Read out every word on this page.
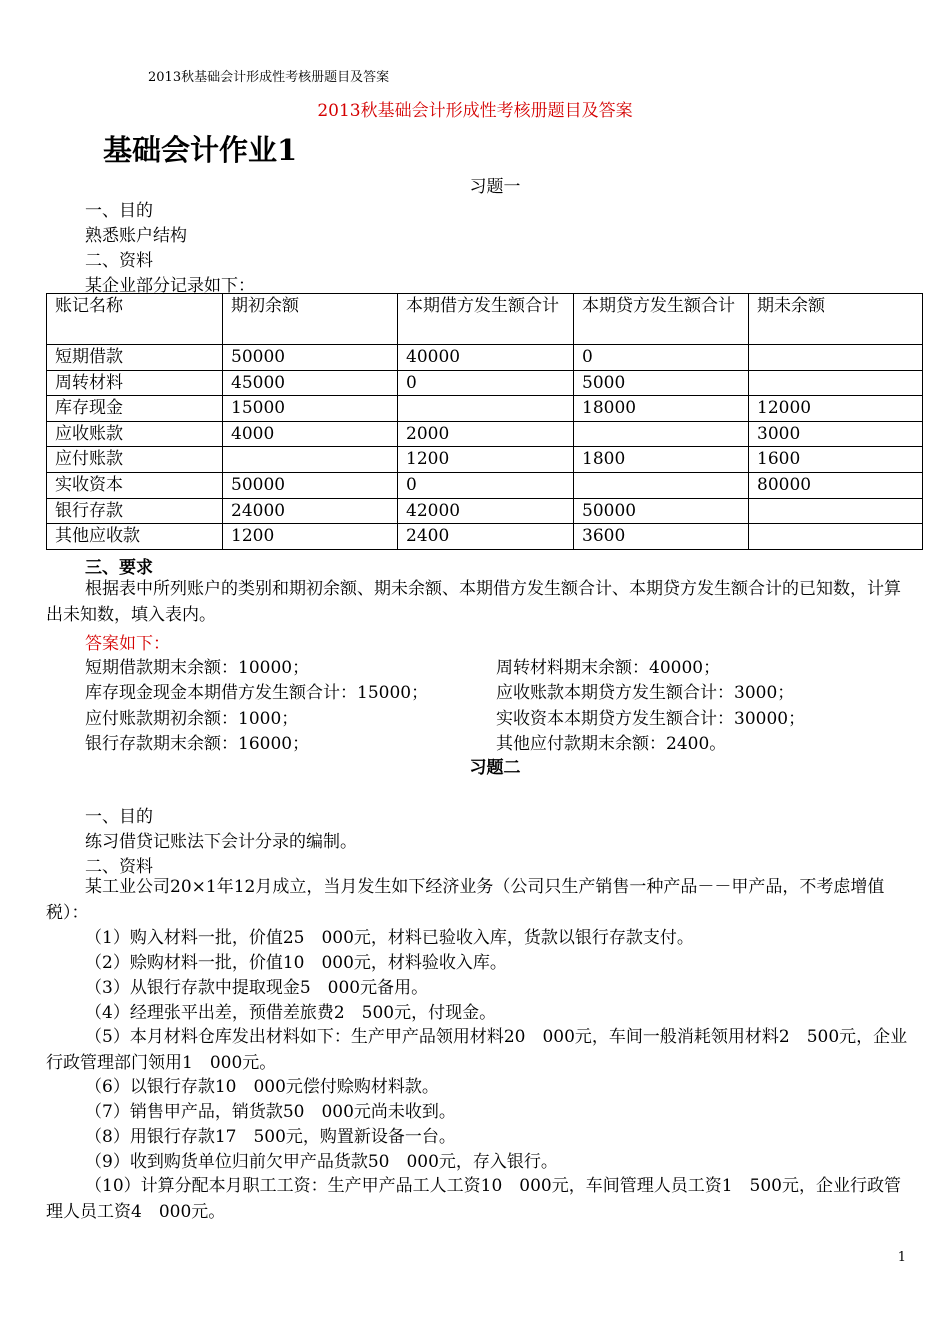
2013秋基础会计形成性考核册题目及答案
2013秋基础会计形成性考核册题目及答案
基础会计作业1
习题一
一、目的
熟悉账户结构
二、资料
某企业部分记录如下：
账记名称	期初余额	本期借方发生额合计	本期贷方发生额合计	期未余额
短期借款	50000	40000	0	
周转材料	45000	0	5000	
库存现金	15000		18000	12000
应收账款	4000	2000		3000
应付账款		1200	1800	1600
实收资本	50000	0		80000
银行存款	24000	42000	50000	
其他应收款	1200	2400	3600	
三、要求
根据表中所列账户的类别和期初余额、期未余额、本期借方发生额合计、本期贷方发生额合计的已知数，计算出未知数，填入表内。
答案如下：
短期借款期末余额：10000；	周转材料期末余额：40000；
库存现金现金本期借方发生额合计：15000；	应收账款本期贷方发生额合计：3000；
应付账款期初余额：1000；	实收资本本期贷方发生额合计：30000；
银行存款期末余额：16000；	其他应付款期末余额：2400。
习题二
一、目的
练习借贷记账法下会计分录的编制。
二、资料
某工业公司20×1年12月成立，当月发生如下经济业务（公司只生产销售一种产品－－甲产品，不考虑增值税）：
（1）购入材料一批，价值25　000元，材料已验收入库，货款以银行存款支付。
（2）赊购材料一批，价值10　000元，材料验收入库。
（3）从银行存款中提取现金5　000元备用。
（4）经理张平出差，预借差旅费2　500元，付现金。
（5）本月材料仓库发出材料如下：生产甲产品领用材料20　000元，车间一般消耗领用材料2　500元，企业行政管理部门领用1　000元。
（6）以银行存款10　000元偿付赊购材料款。
（7）销售甲产品，销货款50　000元尚未收到。
（8）用银行存款17　500元，购置新设备一台。
（9）收到购货单位归前欠甲产品货款50　000元，存入银行。
（10）计算分配本月职工工资：生产甲产品工人工资10　000元，车间管理人员工资1　500元，企业行政管理人员工资4　000元。
1
